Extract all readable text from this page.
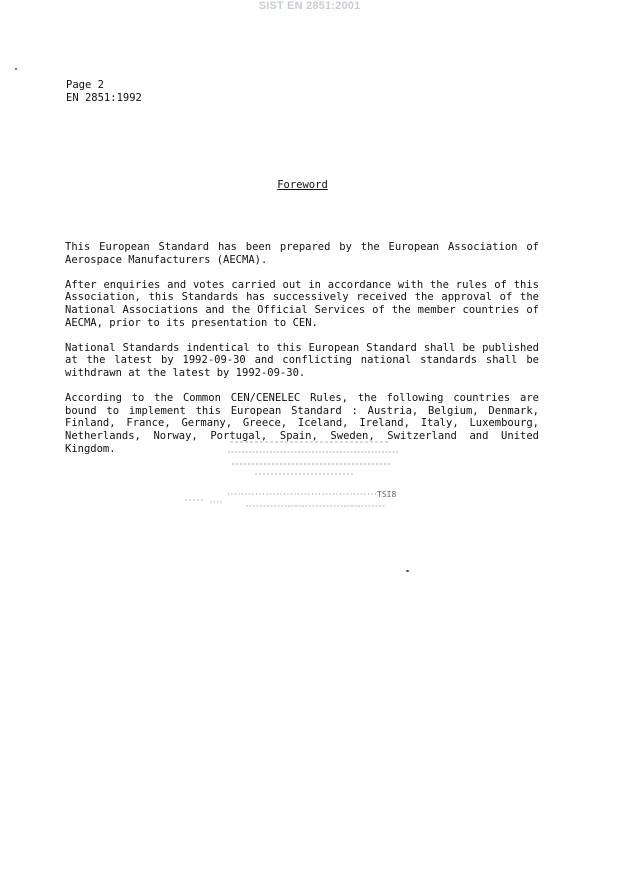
SIST EN 2851:2001
Page 2
EN 2851:1992
Foreword

This European Standard has been prepared by the European Association of Aerospace Manufacturers (AECMA).

After enquiries and votes carried out in accordance with the rules of this Association, this Standards has successively received the approval of the National Associations and the Official Services of the member countries of AECMA, prior to its presentation to CEN.

National Standards indentical to this European Standard shall be published at the latest by 1992-09-30 and conflicting national standards shall be withdrawn at the latest by 1992-09-30.

According to the Common CEN/CENELEC Rules, the following countries are bound to implement this European Standard : Austria, Belgium, Denmark, Finland, France, Germany, Greece, Iceland, Ireland, Italy, Luxembourg, Netherlands, Norway, Portugal, Spain, Sweden, Switzerland and United Kingdom.

TSI8
